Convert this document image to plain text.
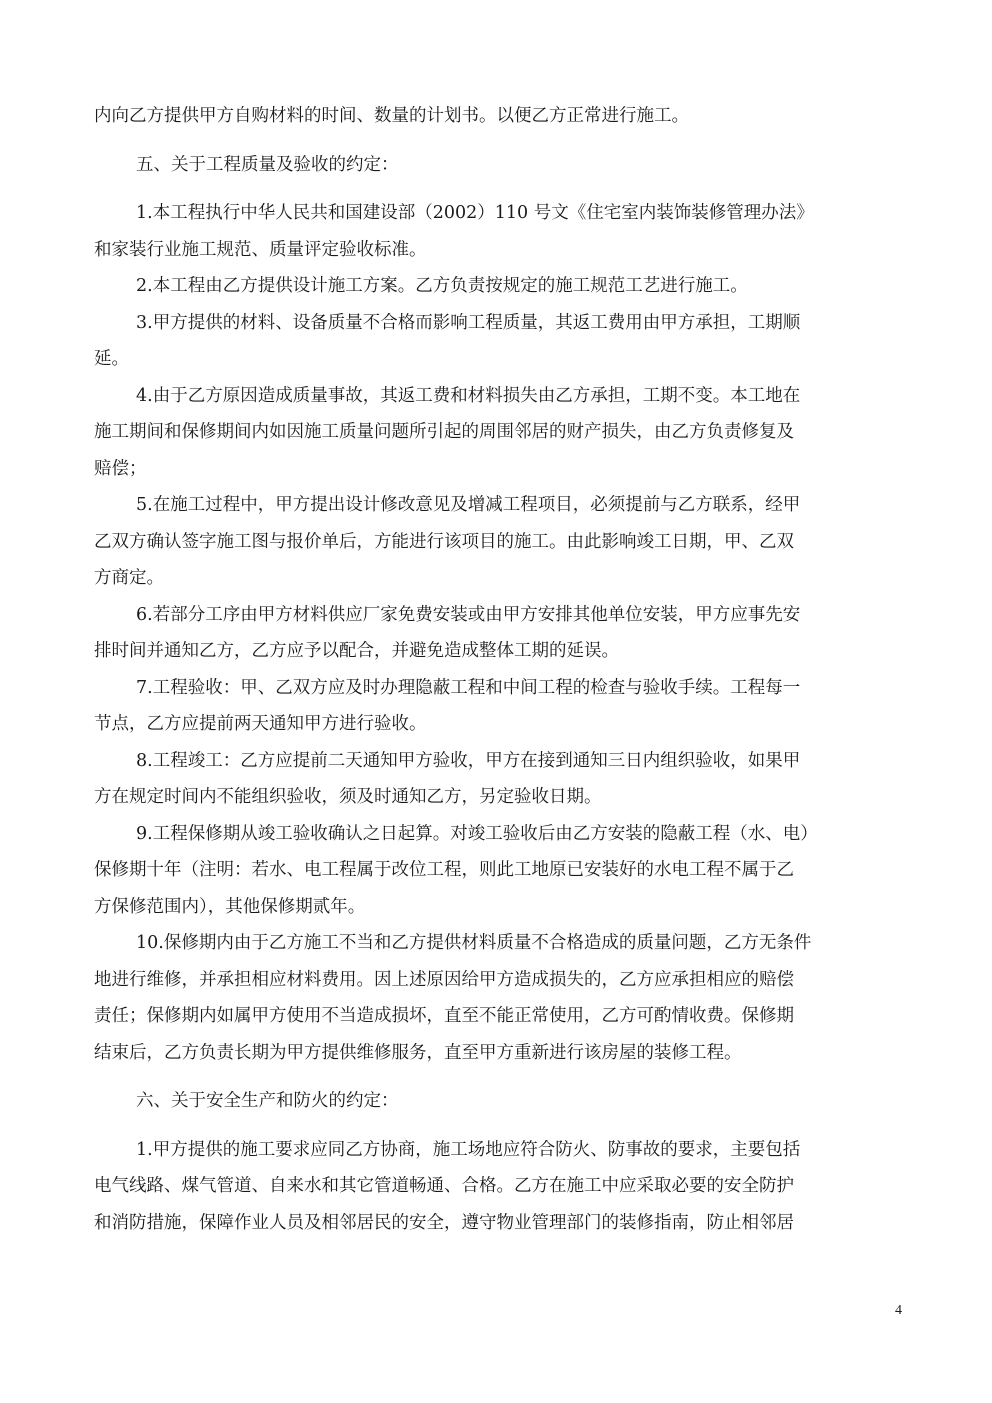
内向乙方提供甲方自购材料的时间、数量的计划书。以便乙方正常进行施工。
五、关于工程质量及验收的约定：
1.本工程执行中华人民共和国建设部（2002）110 号文《住宅室内装饰装修管理办法》
和家装行业施工规范、质量评定验收标准。
2.本工程由乙方提供设计施工方案。乙方负责按规定的施工规范工艺进行施工。
3.甲方提供的材料、设备质量不合格而影响工程质量，其返工费用由甲方承担，工期顺
延。
4.由于乙方原因造成质量事故，其返工费和材料损失由乙方承担，工期不变。本工地在
施工期间和保修期间内如因施工质量问题所引起的周围邻居的财产损失，由乙方负责修复及
赔偿；
5.在施工过程中，甲方提出设计修改意见及增减工程项目，必须提前与乙方联系，经甲
乙双方确认签字施工图与报价单后，方能进行该项目的施工。由此影响竣工日期，甲、乙双
方商定。
6.若部分工序由甲方材料供应厂家免费安装或由甲方安排其他单位安装，甲方应事先安
排时间并通知乙方，乙方应予以配合，并避免造成整体工期的延误。
7.工程验收：甲、乙双方应及时办理隐蔽工程和中间工程的检查与验收手续。工程每一
节点，乙方应提前两天通知甲方进行验收。
8.工程竣工：乙方应提前二天通知甲方验收，甲方在接到通知三日内组织验收，如果甲
方在规定时间内不能组织验收，须及时通知乙方，另定验收日期。
9.工程保修期从竣工验收确认之日起算。对竣工验收后由乙方安装的隐蔽工程（水、电）
保修期十年（注明：若水、电工程属于改位工程，则此工地原已安装好的水电工程不属于乙
方保修范围内），其他保修期贰年。
10.保修期内由于乙方施工不当和乙方提供材料质量不合格造成的质量问题，乙方无条件
地进行维修，并承担相应材料费用。因上述原因给甲方造成损失的，乙方应承担相应的赔偿
责任；保修期内如属甲方使用不当造成损坏，直至不能正常使用，乙方可酌情收费。保修期
结束后，乙方负责长期为甲方提供维修服务，直至甲方重新进行该房屋的装修工程。
六、关于安全生产和防火的约定：
1.甲方提供的施工要求应同乙方协商，施工场地应符合防火、防事故的要求，主要包括
电气线路、煤气管道、自来水和其它管道畅通、合格。乙方在施工中应采取必要的安全防护
和消防措施，保障作业人员及相邻居民的安全，遵守物业管理部门的装修指南，防止相邻居
4
